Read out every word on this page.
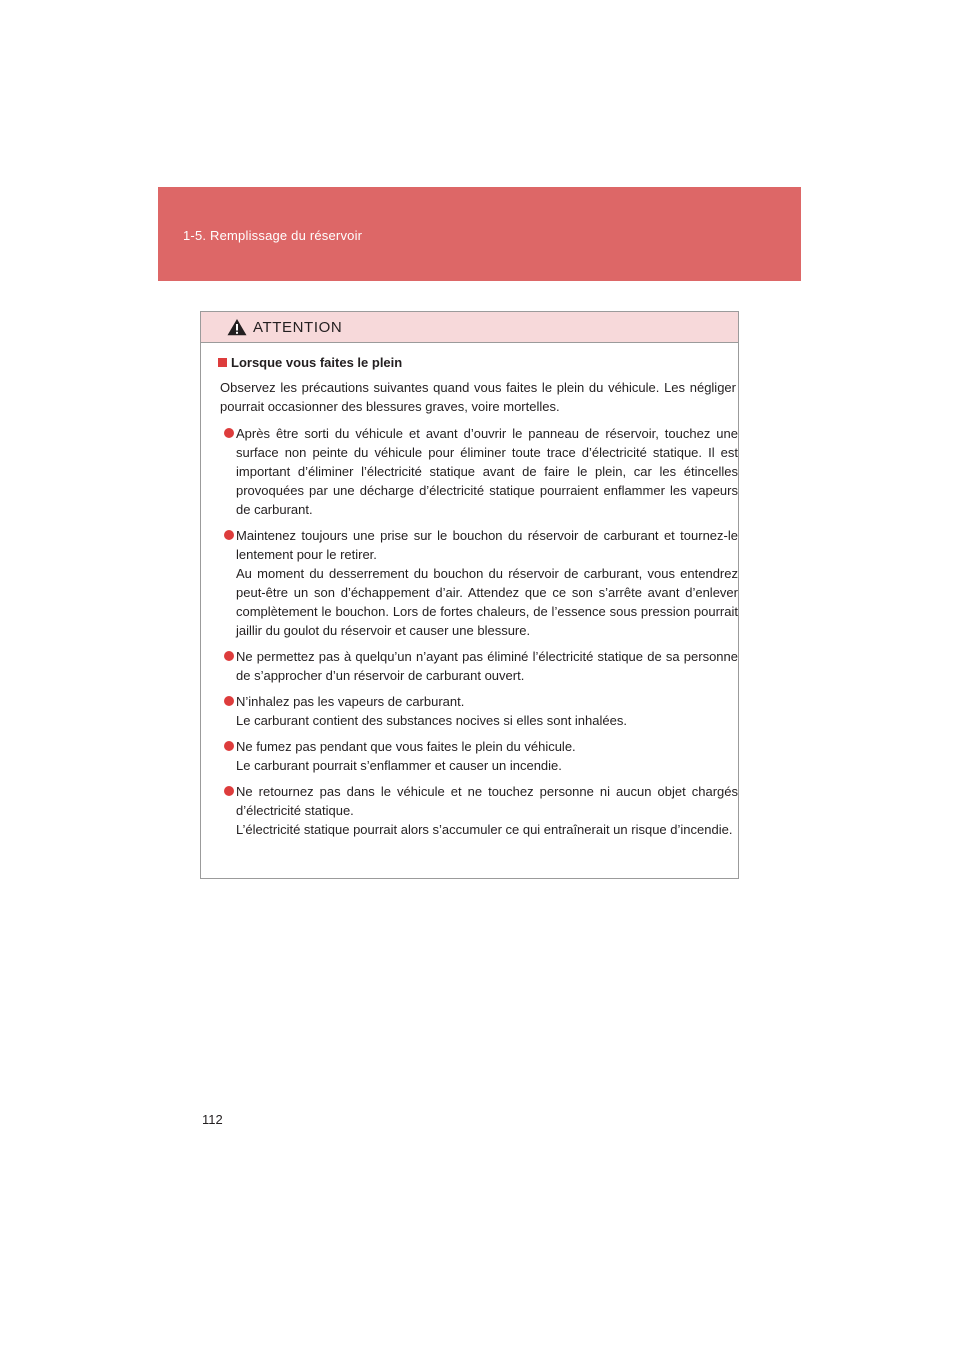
1-5. Remplissage du réservoir
ATTENTION
Lorsque vous faites le plein

Observez les précautions suivantes quand vous faites le plein du véhicule. Les négliger pourrait occasionner des blessures graves, voire mortelles.

Après être sorti du véhicule et avant d’ouvrir le panneau de réservoir, touchez une surface non peinte du véhicule pour éliminer toute trace d’électricité statique. Il est important d’éliminer l’électricité statique avant de faire le plein, car les étincelles provoquées par une décharge d’électricité statique pourraient enflammer les vapeurs de carburant.
Maintenez toujours une prise sur le bouchon du réservoir de carburant et tournez-le lentement pour le retirer.
Au moment du desserrement du bouchon du réservoir de carburant, vous entendrez peut-être un son d’échappement d’air. Attendez que ce son s’arrête avant d’enlever complètement le bouchon. Lors de fortes chaleurs, de l’essence sous pression pourrait jaillir du goulot du réservoir et causer une blessure.
Ne permettez pas à quelqu’un n’ayant pas éliminé l’électricité statique de sa personne de s’approcher d’un réservoir de carburant ouvert.
N’inhalez pas les vapeurs de carburant.
Le carburant contient des substances nocives si elles sont inhalées.
Ne fumez pas pendant que vous faites le plein du véhicule.
Le carburant pourrait s’enflammer et causer un incendie.
Ne retournez pas dans le véhicule et ne touchez personne ni aucun objet chargés d’électricité statique.
L’électricité statique pourrait alors s’accumuler ce qui entraînerait un risque d’incendie.
112
